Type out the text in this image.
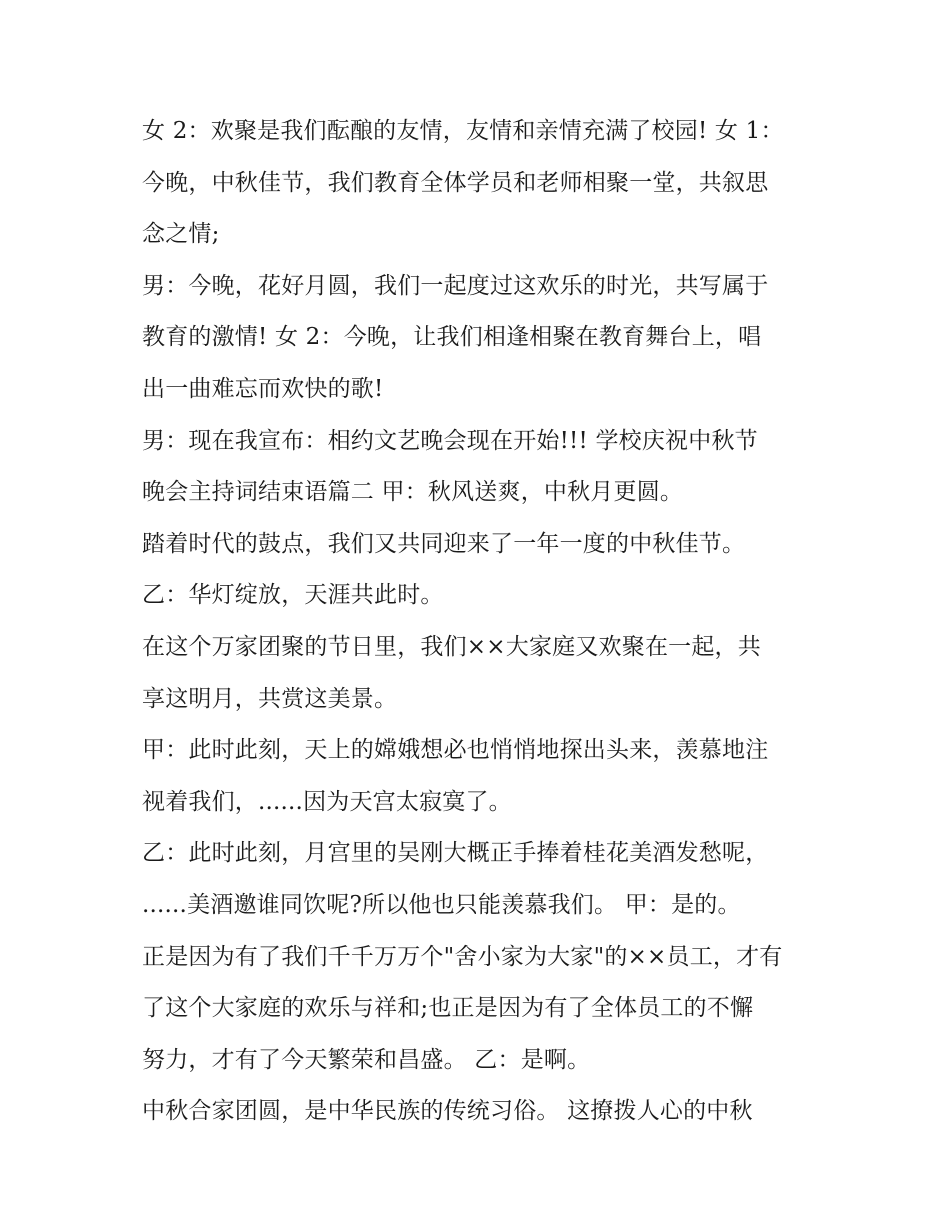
女 2：欢聚是我们酝酿的友情，友情和亲情充满了校园! 女 1：
今晚，中秋佳节，我们教育全体学员和老师相聚一堂，共叙思
念之情;
男：今晚，花好月圆，我们一起度过这欢乐的时光，共写属于
教育的激情! 女 2：今晚，让我们相逢相聚在教育舞台上，唱
出一曲难忘而欢快的歌!
男：现在我宣布：相约文艺晚会现在开始!!! 学校庆祝中秋节
晚会主持词结束语篇二 甲：秋风送爽，中秋月更圆。
踏着时代的鼓点，我们又共同迎来了一年一度的中秋佳节。
乙：华灯绽放，天涯共此时。
在这个万家团聚的节日里，我们××大家庭又欢聚在一起，共
享这明月，共赏这美景。
甲：此时此刻，天上的嫦娥想必也悄悄地探出头来，羡慕地注
视着我们，......因为天宫太寂寞了。
乙：此时此刻，月宫里的吴刚大概正手捧着桂花美酒发愁呢，
......美酒邀谁同饮呢?所以他也只能羡慕我们。 甲：是的。
正是因为有了我们千千万万个"舍小家为大家"的××员工，才有
了这个大家庭的欢乐与祥和;也正是因为有了全体员工的不懈
努力，才有了今天繁荣和昌盛。 乙：是啊。
中秋合家团圆，是中华民族的传统习俗。 这撩拨人心的中秋
